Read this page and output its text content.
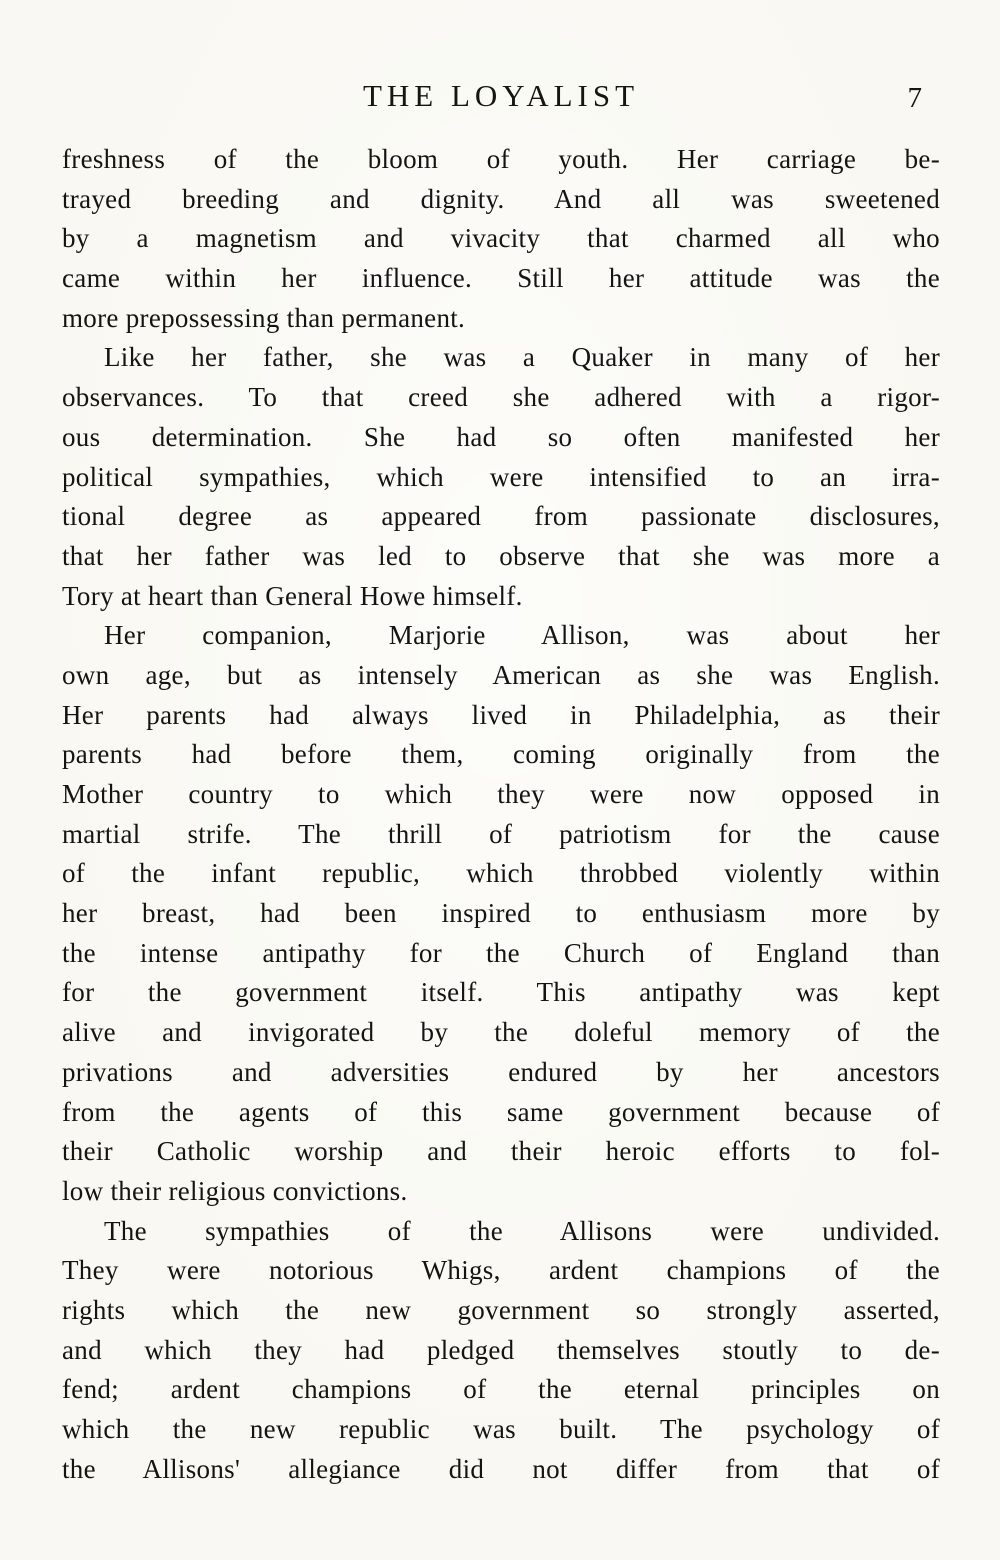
THE LOYALIST	7
freshness of the bloom of youth. Her carriage be-
trayed breeding and dignity. And all was sweetened
by a magnetism and vivacity that charmed all who
came within her influence. Still her attitude was the
more prepossessing than permanent.
Like her father, she was a Quaker in many of her
observances. To that creed she adhered with a rigor-
ous determination. She had so often manifested her
political sympathies, which were intensified to an irra-
tional degree as appeared from passionate disclosures,
that her father was led to observe that she was more a
Tory at heart than General Howe himself.
Her companion, Marjorie Allison, was about her
own age, but as intensely American as she was English.
Her parents had always lived in Philadelphia, as their
parents had before them, coming originally from the
Mother country to which they were now opposed in
martial strife. The thrill of patriotism for the cause
of the infant republic, which throbbed violently within
her breast, had been inspired to enthusiasm more by
the intense antipathy for the Church of England than
for the government itself. This antipathy was kept
alive and invigorated by the doleful memory of the
privations and adversities endured by her ancestors
from the agents of this same government because of
their Catholic worship and their heroic efforts to fol-
low their religious convictions.
The sympathies of the Allisons were undivided.
They were notorious Whigs, ardent champions of the
rights which the new government so strongly asserted,
and which they had pledged themselves stoutly to de-
fend; ardent champions of the eternal principles on
which the new republic was built. The psychology of
the Allisons' allegiance did not differ from that of
